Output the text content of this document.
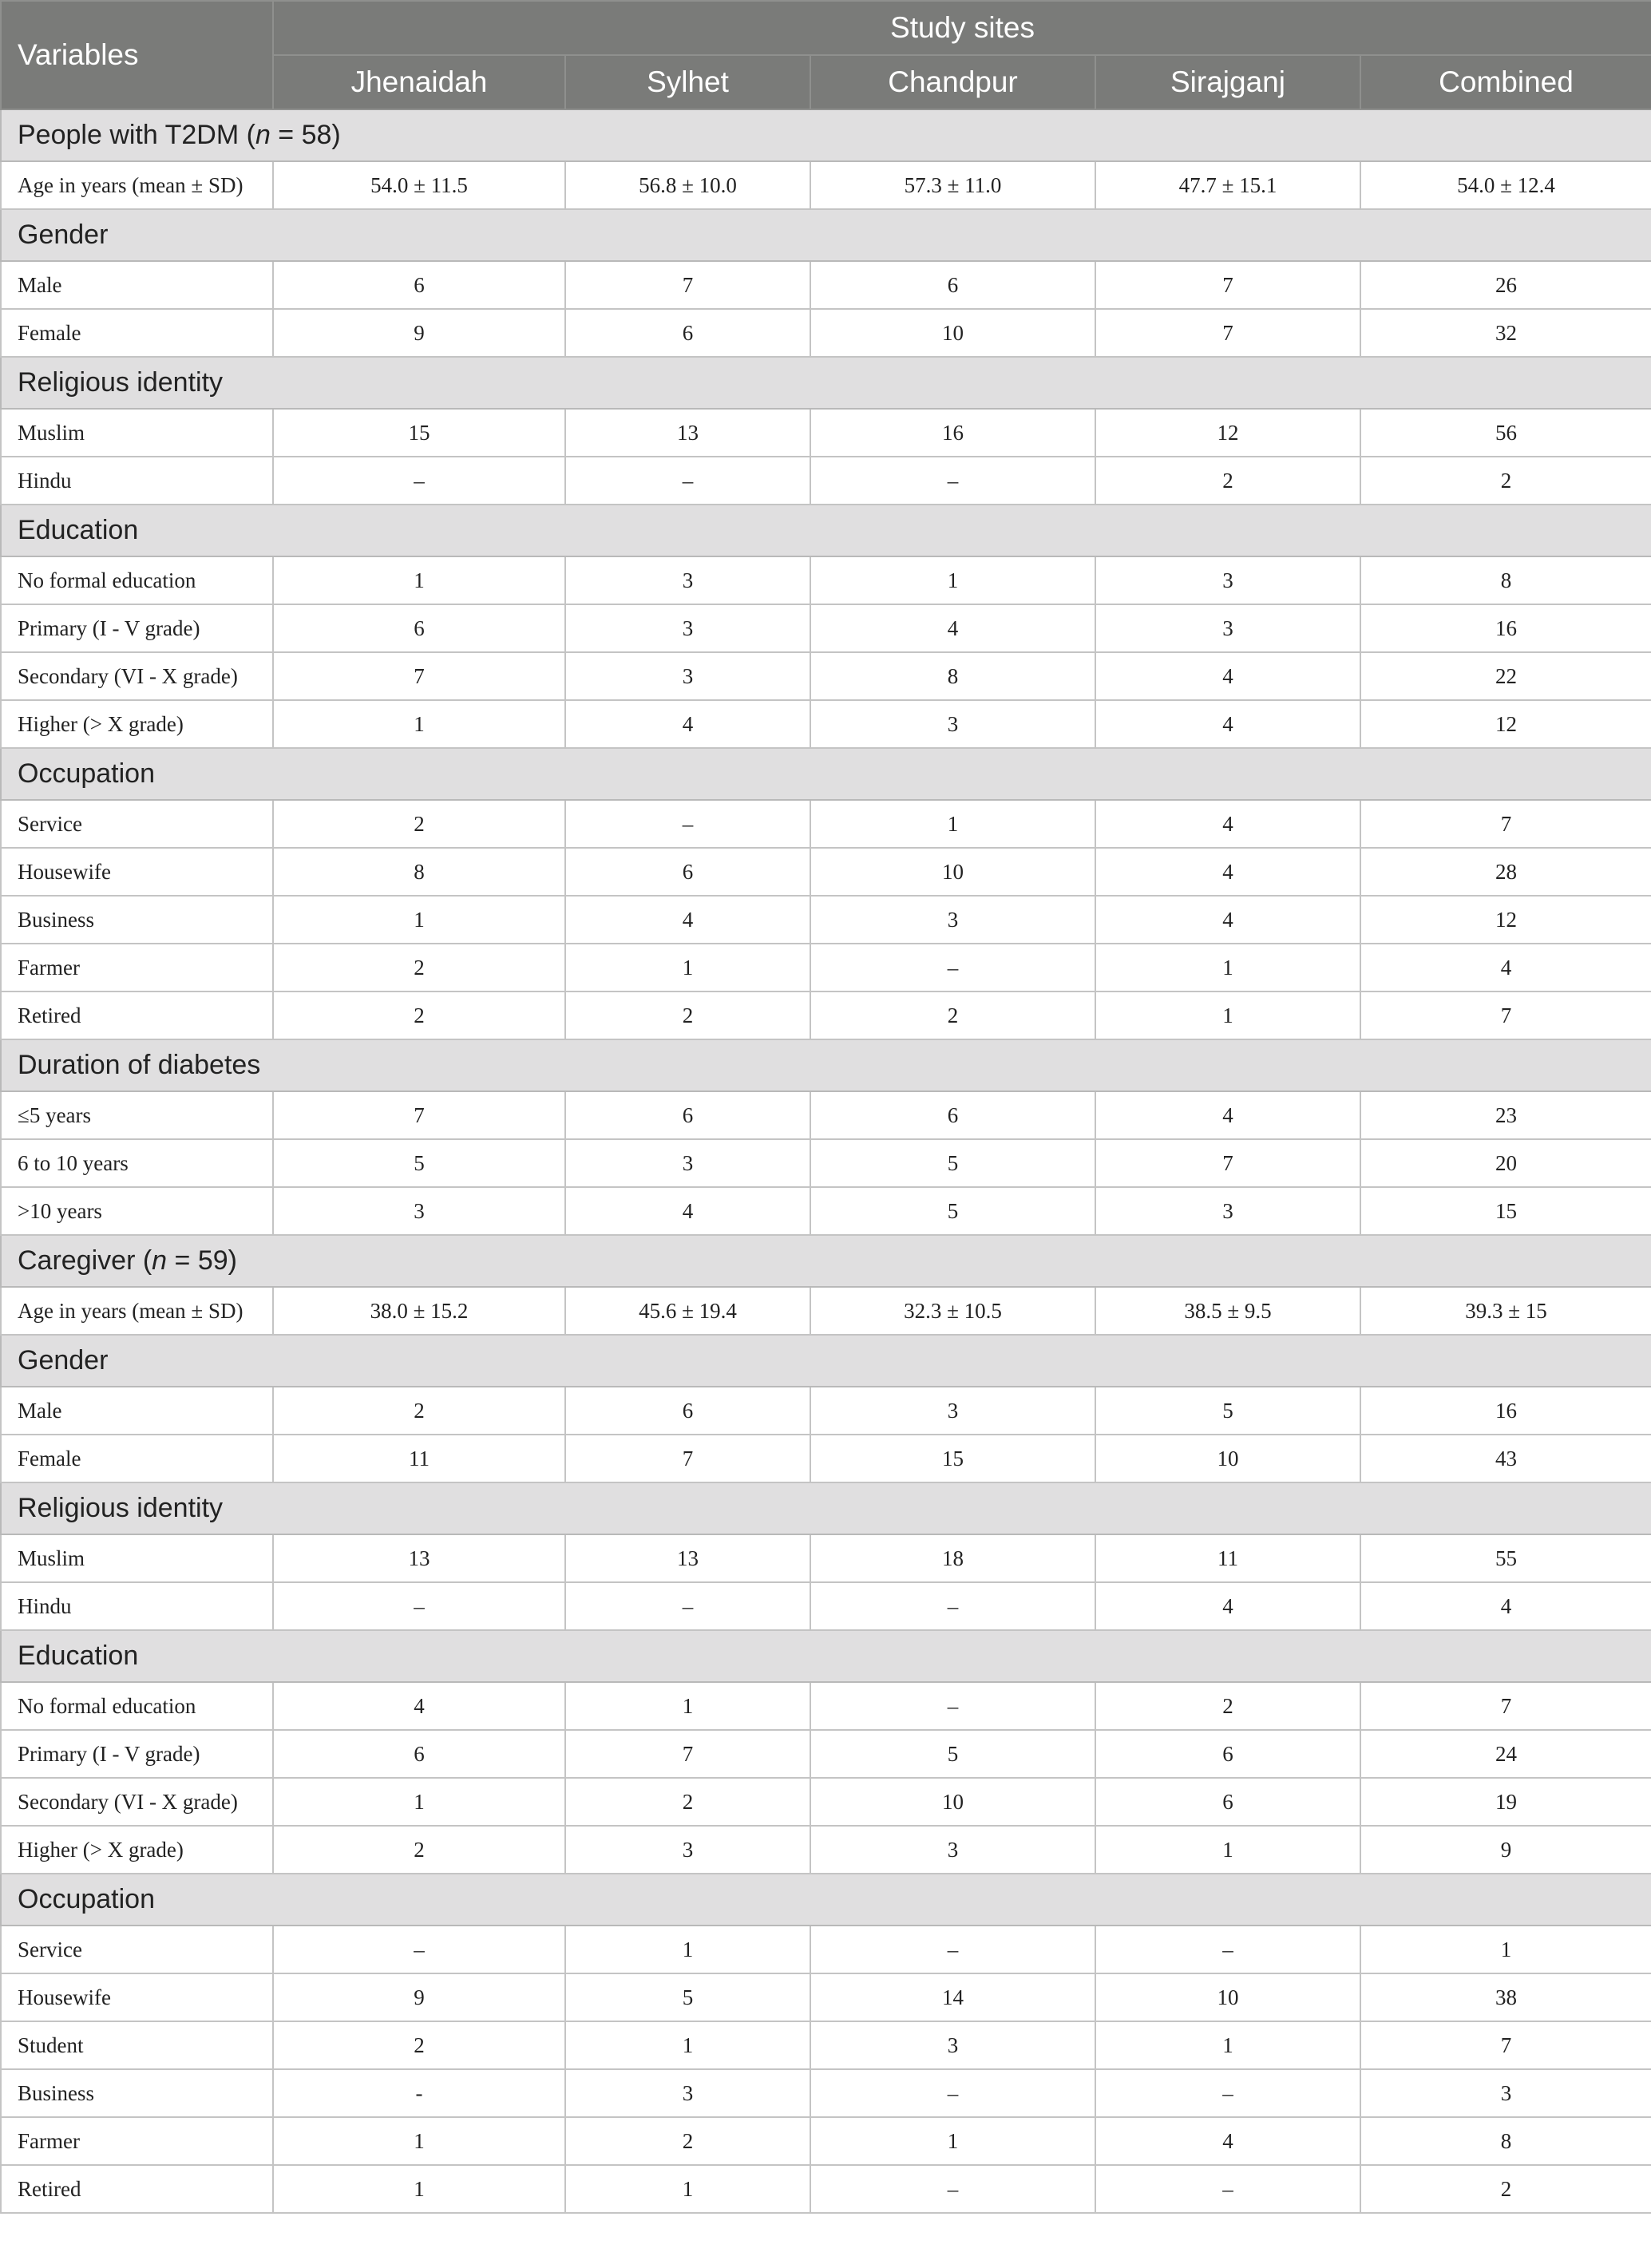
Variables	Study sites				
	Jhenaidah	Sylhet	Chandpur	Sirajganj	Combined
People with T2DM (n = 58)					
Age in years (mean ± SD)	54.0 ± 11.5	56.8 ± 10.0	57.3 ± 11.0	47.7 ± 15.1	54.0 ± 12.4
Gender					
Male	6	7	6	7	26
Female	9	6	10	7	32
Religious identity					
Muslim	15	13	16	12	56
Hindu	–	–	–	2	2
Education					
No formal education	1	3	1	3	8
Primary (I - V grade)	6	3	4	3	16
Secondary (VI - X grade)	7	3	8	4	22
Higher (> X grade)	1	4	3	4	12
Occupation					
Service	2	–	1	4	7
Housewife	8	6	10	4	28
Business	1	4	3	4	12
Farmer	2	1	–	1	4
Retired	2	2	2	1	7
Duration of diabetes					
≤5 years	7	6	6	4	23
6 to 10 years	5	3	5	7	20
>10 years	3	4	5	3	15
Caregiver (n = 59)					
Age in years (mean ± SD)	38.0 ± 15.2	45.6 ± 19.4	32.3 ± 10.5	38.5 ± 9.5	39.3 ± 15
Gender					
Male	2	6	3	5	16
Female	11	7	15	10	43
Religious identity					
Muslim	13	13	18	11	55
Hindu	–	–	–	4	4
Education					
No formal education	4	1	–	2	7
Primary (I - V grade)	6	7	5	6	24
Secondary (VI - X grade)	1	2	10	6	19
Higher (> X grade)	2	3	3	1	9
Occupation					
Service	–	1	–	–	1
Housewife	9	5	14	10	38
Student	2	1	3	1	7
Business	-	3	–	–	3
Farmer	1	2	1	4	8
Retired	1	1	–	–	2
